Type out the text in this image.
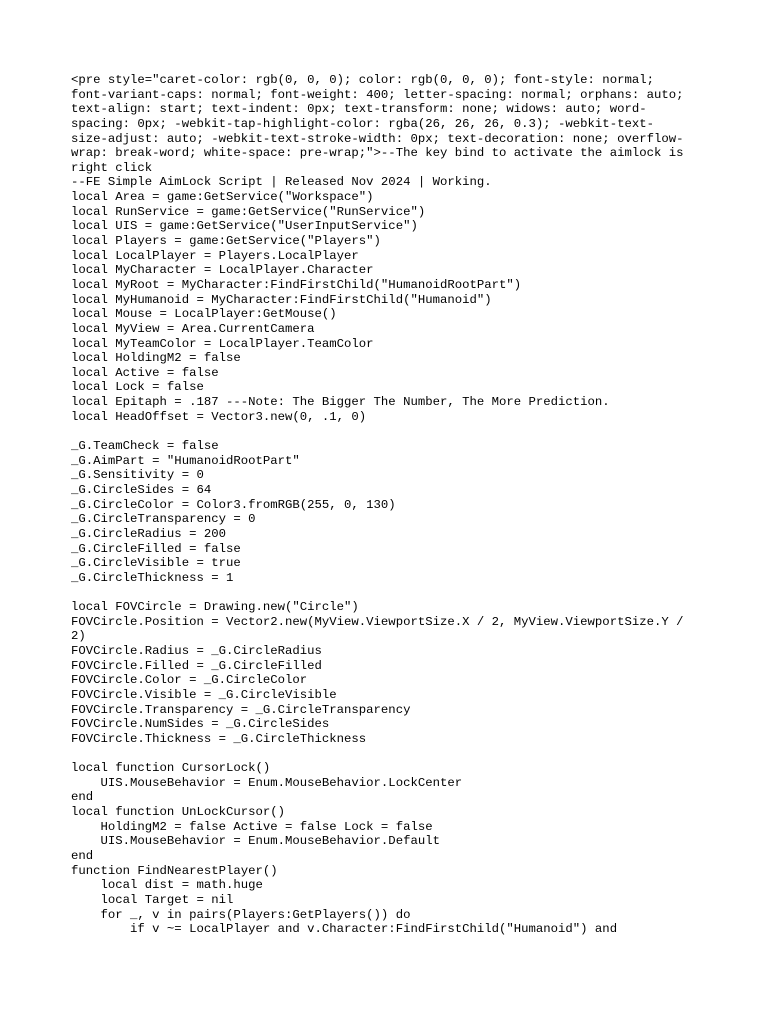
<pre style="caret-color: rgb(0, 0, 0); color: rgb(0, 0, 0); font-style: normal;
font-variant-caps: normal; font-weight: 400; letter-spacing: normal; orphans: auto;
text-align: start; text-indent: 0px; text-transform: none; widows: auto; word-
spacing: 0px; -webkit-tap-highlight-color: rgba(26, 26, 26, 0.3); -webkit-text-
size-adjust: auto; -webkit-text-stroke-width: 0px; text-decoration: none; overflow-
wrap: break-word; white-space: pre-wrap;">--The key bind to activate the aimlock is
right click
--FE Simple AimLock Script | Released Nov 2024 | Working.
local Area = game:GetService("Workspace")
local RunService = game:GetService("RunService")
local UIS = game:GetService("UserInputService")
local Players = game:GetService("Players")
local LocalPlayer = Players.LocalPlayer
local MyCharacter = LocalPlayer.Character
local MyRoot = MyCharacter:FindFirstChild("HumanoidRootPart")
local MyHumanoid = MyCharacter:FindFirstChild("Humanoid")
local Mouse = LocalPlayer:GetMouse()
local MyView = Area.CurrentCamera
local MyTeamColor = LocalPlayer.TeamColor
local HoldingM2 = false
local Active = false
local Lock = false
local Epitaph = .187 ---Note: The Bigger The Number, The More Prediction.
local HeadOffset = Vector3.new(0, .1, 0)
_G.TeamCheck = false
_G.AimPart = "HumanoidRootPart"
_G.Sensitivity = 0
_G.CircleSides = 64
_G.CircleColor = Color3.fromRGB(255, 0, 130)
_G.CircleTransparency = 0
_G.CircleRadius = 200
_G.CircleFilled = false
_G.CircleVisible = true
_G.CircleThickness = 1
local FOVCircle = Drawing.new("Circle")
FOVCircle.Position = Vector2.new(MyView.ViewportSize.X / 2, MyView.ViewportSize.Y /
2)
FOVCircle.Radius = _G.CircleRadius
FOVCircle.Filled = _G.CircleFilled
FOVCircle.Color = _G.CircleColor
FOVCircle.Visible = _G.CircleVisible
FOVCircle.Transparency = _G.CircleTransparency
FOVCircle.NumSides = _G.CircleSides
FOVCircle.Thickness = _G.CircleThickness
local function CursorLock()
UIS.MouseBehavior = Enum.MouseBehavior.LockCenter
end
local function UnLockCursor()
HoldingM2 = false Active = false Lock = false
UIS.MouseBehavior = Enum.MouseBehavior.Default
end
function FindNearestPlayer()
local dist = math.huge
local Target = nil
for _, v in pairs(Players:GetPlayers()) do
if v ~= LocalPlayer and v.Character:FindFirstChild("Humanoid") and
